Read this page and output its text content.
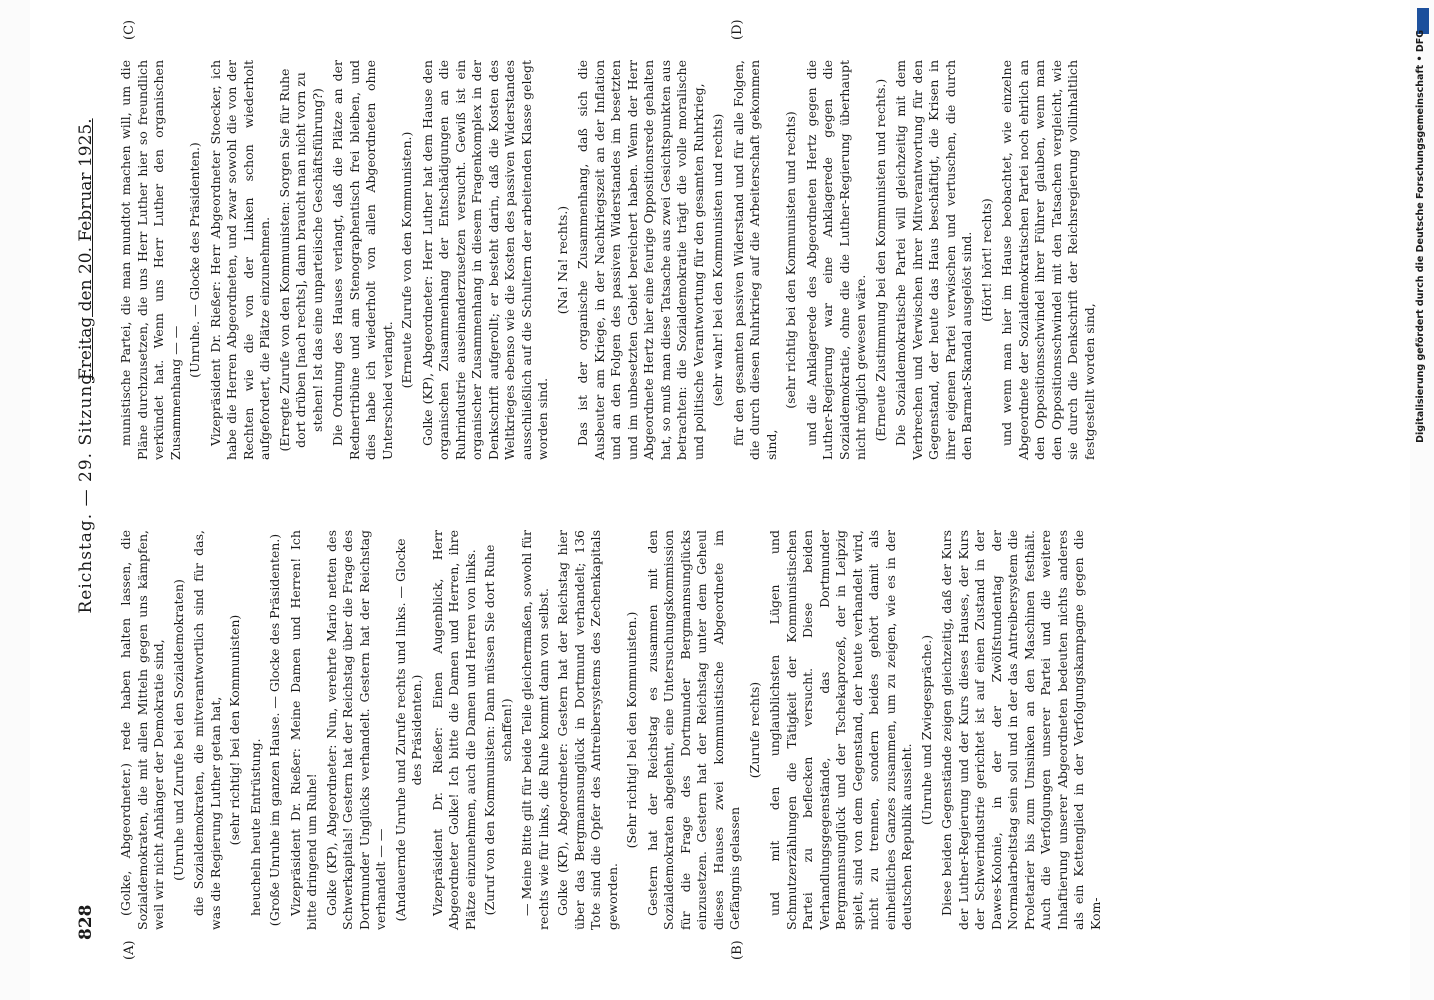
828
Reichstag. — 29. Sitzung.
Freitag den 20. Februar 1925.
(A)	(B)
(C)	(D)

(Golke, Abgeordneter.) rede haben halten lassen, die Sozialdemokraten, die mit allen Mitteln gegen uns kämpfen, weil wir nicht Anhänger der Demokratie sind, (Unruhe und Zurufe bei den Sozialdemokraten) die Sozialdemokraten, die mitverantwortlich sind für das, was die Regierung Luther getan hat, (sehr richtig! bei den Kommunisten) heucheln heute Entrüstung. (Große Unruhe im ganzen Hause. — Glocke des Präsidenten.) Vizepräsident Dr. Rießer: Meine Damen und Herren! Ich bitte dringend um Ruhe! Golke (KP), Abgeordneter: Nun, verehrte Mario netten des Schwerkapitals! Gestern hat der Reichstag über die Frage des Dortmunder Unglücks verhandelt. Gestern hat der Reichstag verhandelt — — (Andauernde Unruhe und Zurufe rechts und links. — Glocke des Präsidenten.) Vizepräsident Dr. Rießer: Einen Augenblick, Herr Abgeordneter Golke! Ich bitte die Damen und Herren, ihre Plätze einzunehmen, auch die Damen und Herren von links. (Zuruf von den Kommunisten: Dann müssen Sie dort Ruhe schaffen!) — Meine Bitte gilt für beide Teile gleichermaßen, sowohl für rechts wie für links, die Ruhe kommt dann von selbst. Golke (KP), Abgeordneter: Gestern hat der Reichstag hier über das Bergmannsunglück in Dortmund verhandelt; 136 Tote sind die Opfer des Antreibersystems des Zechenkapitals geworden.

(Sehr richtig! bei den Kommunisten.) Gestern hat der Reichstag es zusammen mit den Sozialdemokraten abgelehnt, eine Untersuchungskommission für die Frage des Dortmunder Bergmannsunglücks einzusetzen. Gestern hat der Reichstag unter dem Geheul dieses Hauses zwei kommunistische Abgeordnete im Gefängnis gelassen

(Zurufe rechts) und mit den unglaublichsten Lügen und Schmutzerzählungen die Tätigkeit der Kommunistischen Partei zu beflecken versucht. Diese beiden Verhandlungsgegenstände, das Dortmunder Bergmannsunglück und der Tschekaprozeß, der in Leipzig spielt, sind von dem Gegenstand, der heute verhandelt wird, nicht zu trennen, sondern beides gehört damit als einheitliches Ganzes zusammen, um zu zeigen, wie es in der deutschen Republik aussieht.

(Unruhe und Zwiegespräche.) Diese beiden Gegenstände zeigen gleichzeitig, daß der Kurs der Luther-Regierung und der Kurs dieses Hauses, der Kurs der Schwerindustrie gerichtet ist auf einen Zustand in der Dawes-Kolonie, in der der Zwölfstundentag der Normalarbeitstag sein soll und in der das Antreibersystem die Proletarier bis zum Umsinken an den Maschinen festhält. Auch die Verfolgungen unserer Partei und die weitere Inhaftierung unserer Abgeordneten bedeuten nichts anderes als ein Kettenglied in der Verfolgungskampagne gegen die Kom-

munistische Partei, die man mundtot machen will, um die Pläne durchzusetzen, die uns Herr Luther hier so freundlich verkündet hat. Wenn uns Herr Luther den organischen Zusammenhang — —

(Unruhe. — Glocke des Präsidenten.) Vizepräsident Dr. Rießer: Herr Abgeordneter Stoecker, ich habe die Herren Abgeordneten, und zwar sowohl die von der Rechten wie die von der Linken schon wiederholt aufgefordert, die Plätze einzunehmen. (Erregte Zurufe von den Kommunisten: Sorgen Sie für Ruhe dort drüben [nach rechts], dann braucht man nicht vorn zu stehen! Ist das eine unparteiische Geschäftsführung?) Die Ordnung des Hauses verlangt, daß die Plätze an der Rednertribüne und am Stenographentisch frei bleiben, und dies habe ich wiederholt von allen Abgeordneten ohne Unterschied verlangt.

(Erneute Zurufe von den Kommunisten.) Golke (KP), Abgeordneter: Herr Luther hat dem Hause den organischen Zusammenhang der Entschädigungen an die Ruhrindustrie auseinanderzusetzen versucht. Gewiß ist ein organischer Zusammenhang in diesem Fragenkomplex in der Denkschrift aufgerollt; er besteht darin, daß die Kosten des Weltkrieges ebenso wie die Kosten des passiven Widerstandes ausschließlich auf die Schultern der arbeitenden Klasse gelegt worden sind.

(Na! Na! rechts.) Das ist der organische Zusammenhang, daß sich die Ausbeuter am Kriege, in der Nachkriegszeit an der Inflation und an den Folgen des passiven Widerstandes im besetzten und im unbesetzten Gebiet bereichert haben. Wenn der Herr Abgeordnete Hertz hier eine feurige Oppositionsrede gehalten hat, so muß man diese Tatsache aus zwei Gesichtspunkten aus betrachten: die Sozialdemokratie trägt die volle moralische und politische Verantwortung für den gesamten Ruhrkrieg, (sehr wahr! bei den Kommunisten und rechts) für den gesamten passiven Widerstand und für alle Folgen, die durch diesen Ruhrkrieg auf die Arbeiterschaft gekommen sind,

(sehr richtig bei den Kommunisten und rechts) und die Anklagerede des Abgeordneten Hertz gegen die Luther-Regierung war eine Anklagerede gegen die Sozialdemokratie, ohne die die Luther-Regierung überhaupt nicht möglich gewesen wäre. (Erneute Zustimmung bei den Kommunisten und rechts.) Die Sozialdemokratische Partei will gleichzeitig mit dem Verbrechen und Verwischen ihrer Mitverantwortung für den Gegenstand, der heute das Haus beschäftigt, die Krisen in ihrer eigenen Partei verwischen und vertuschen, die durch den Barmat-Skandal ausgelöst sind. (Hört! hört! rechts) und wenn man hier im Hause beobachtet, wie einzelne Abgeordnete der Sozialdemokratischen Partei noch ehrlich an den Oppositionsschwindel ihrer Führer glauben, wenn man den Oppositionsschwindel mit den Tatsachen vergleicht, wie sie durch die Denkschrift der Reichsregierung vollinhaltlich festgestellt worden sind,	Digitalisierung gefördert durch die Deutsche Forschungsgemeinschaft • DFG
